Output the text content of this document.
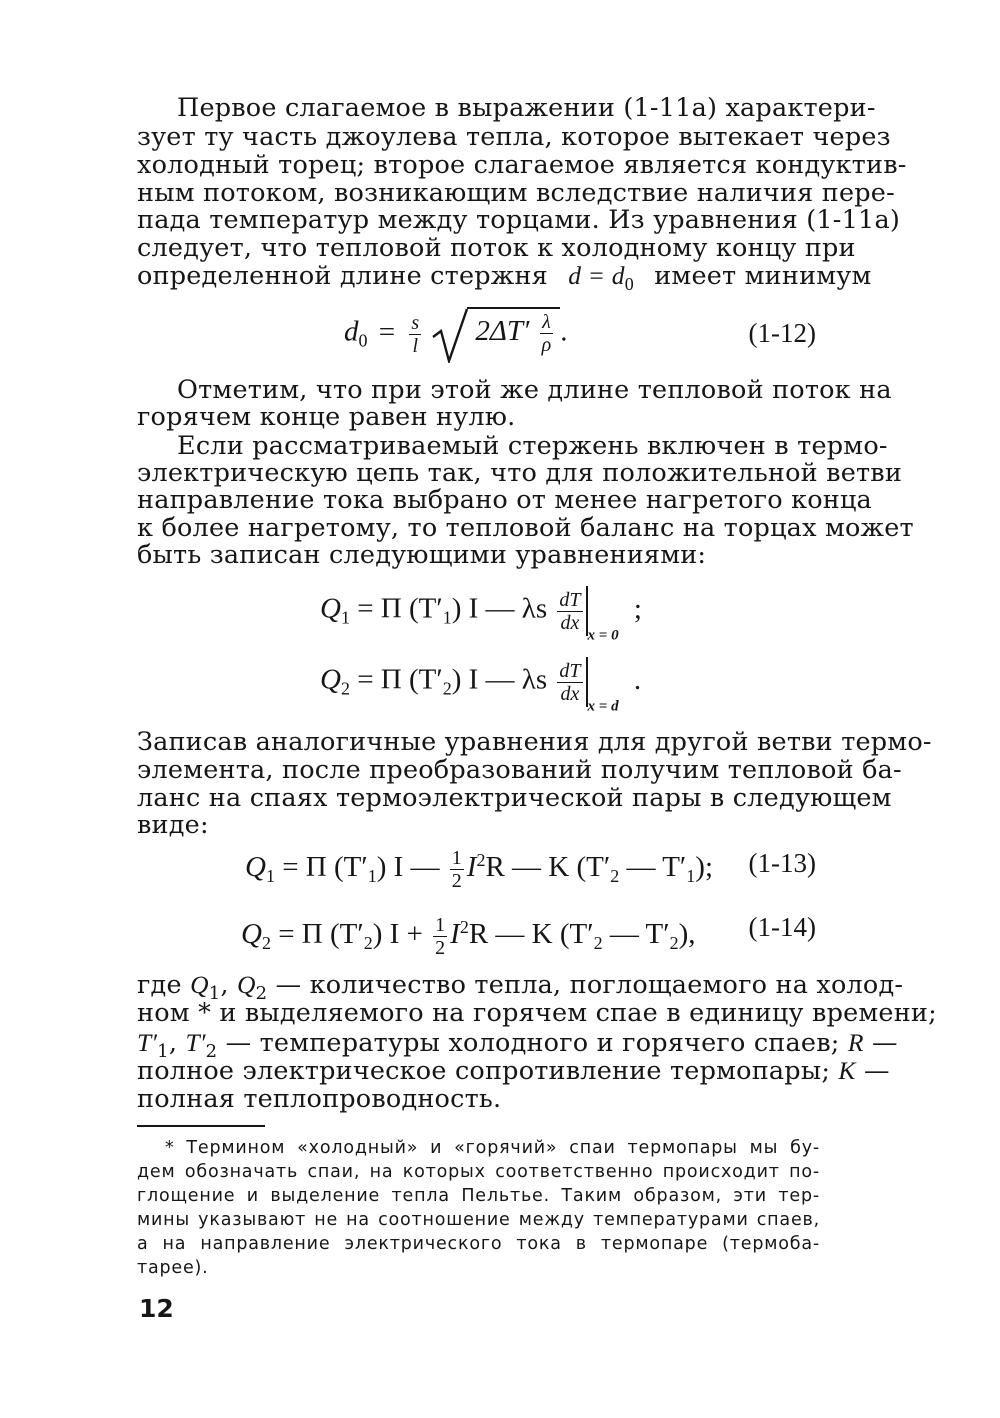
Первое слагаемое в выражении (1-11а) характери-
зует ту часть джоулева тепла, которое вытекает через
холодный торец; второе слагаемое является кондуктив-
ным потоком, возникающим вследствие наличия пере-
пада температур между торцами. Из уравнения (1-11а)
следует, что тепловой поток к холодному концу при
определенной длине стержня $d = d_0$ имеет минимум
$d_0 = \frac{s}{l} 2\Delta T' \frac{\lambda}{\rho}$ .	(1-12)
Отметим, что при этой же длине тепловой поток на
горячем конце равен нулю.
Если рассматриваемый стержень включен в термо-
электрическую цепь так, что для положительной ветви
направление тока выбрано от менее нагретого конца
к более нагретому, то тепловой баланс на торцах может
быть записан следующими уравнениями:
$Q_1 = \Pi$ $(T'_1)$ I — λs $\frac{dT}{dx}$
$_{x = 0}$ ;
$Q_2 = \Pi$ $(T'_2)$ I — λs $\frac{dT}{dx}$
$_{x = d}$ .
Записав аналогичные уравнения для другой ветви термо-
элемента, после преобразований получим тепловой ба-
ланс на спаях термоэлектрической пары в следующем
виде:
$Q_1 = \Pi$ $(T'_1)$ I — $\frac{1}{2} I^2R$ — K ($T'_2$ — $T'_1$); (1-13)
$Q_2 = \Pi$ $(T'_2) I + \frac{1}{2} I^2R$ — K ($T'_2$ — $T'_2$), (1-14)
где $Q_1$, $Q_2$ — количество тепла, поглощаемого на холод-
ном * и выделяемого на горячем спае в единицу времени;
$T'_1$, $T'_2$ — температуры холодного и горячего спаев; R —
полное электрическое сопротивление термопары; K —
полная теплопроводность.
* Термином «холодный» и «горячий» спаи термопары мы бу-
дем обозначать спаи, на которых соответственно происходит по-
глощение и выделение тепла Пельтье. Таким образом, эти тер-
мины указывают не на соотношение между температурами спаев,
а на направление электрического тока в термопаре (термоба-
тарее).
12
